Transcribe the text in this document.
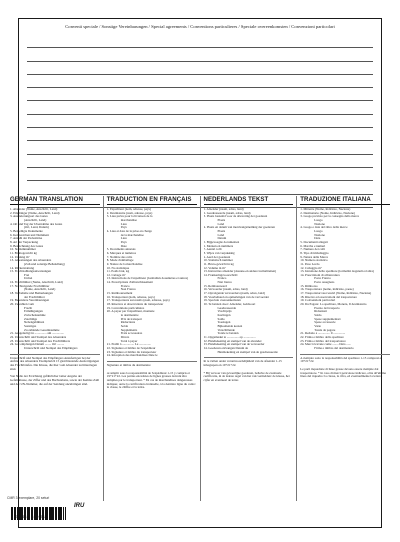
Convenii speciale / Sonstige Vereinbarungen / Special agreements / Conventions particulieres / Speciale overeenkomsten / Convenzioni particolari
GERMAN TRANSLATION
1. Absender (Name, Anschrift, Land)
2. Empfänger (Name, Anschrift, Land)
3. Auslieferungsort des Gutes
(Anschrift, Land)
4. Ort und Tag der Übernahme des Gutes
(Ort, Land, Datum)
5. Beigefügte Dokumente
6. Kennzeichen und Nummern
7. Anzahl der Packstücke
8. Art der Verpackung
9. Bezeichnung des Gutes
10. Statistiknummer
11. Bruttogewicht kg
12. Umfang m³
13. Anweisungen des Absenders
(Zoll-und sonstige Behandlung)
14. Rückerstattung
15. Frachtzahlungsanweisungen
Frei
Unfrei
16. Frachtführer (Name, Anschrift, Land)
17. Nachfolgende Frachtführer
(Name, Anschrift, Land)
18. Vorbehalte und Bemerkungen
der Frachtführer
19. Besondere Vereinbarungen
20. Zu zahlen vom
Fracht
Ermäßigungen
Zwischensumme
Zuschläge
Nebengebühren
Sonstiges
Zu zahlende Gesamtsumme
21. Ausgefertigt in ............... am ...............
22. Unterschrift und Stempel des Absenders
23. Unterschrift und Stempel des Frachtführers
24. Gut empfangen Datum ........ Ort .........
Unterschrift und Stempel des Empfängers
Unterschrift und Stempel des Empfängers Anzufertigen bei der Anfrist des Absenders Exemplarich 15 gleichlautende Ausfertigungen des Frachtbriefes. Die Klasse, die hier vom Absender zu hinterlegen sind.
Von Nolle der Errichtung gefährlicher Güter Angabe der Gefahrklasse, der Ziffer und des Buchstabens, sowie der Kemler-Zahl und der UN-Nummer, die auf der Sendung anzubringen sind.
TRADUCTION EN FRANÇAIS
1. Expéditeur (nom, adresse, pays)
2. Destinataire (nom, adresse, pays)
3. Lieu prévu pour la livraison de la
marchandise
Lieu
Pays
4. Lieu et date de la prise en charge
de la marchandise
Lieu
Pays
Date
5. Documents annexés
6. Marques et numéros
7. Nombre des colis
8. Mode d'emballage
9. Nature de la marchandise
10. No statistique
11. Poids brut, kg
12. Cubage m³
13. Instructions de l'expéditeur (formalités douanières et autres)
14. Prescriptions d'affranchissement
Franco
Non Franco
15. Remboursement
16. Transporteur (nom, adresse, pays)
17. Transporteurs successifs (nom, adresse, pays)
18. Réserves et observations du transporteur
19. Conventions particulières
20. A payer par l'expéditeur, monnaie
le destinataire
Prix de transport
Réductions
Solde
Suppléments
Frais accessoires
Divers
Total à payer
21. Etabli à ............... Le ...............
22. Signature et timbre de l'expéditeur
23. Signature et timbre du transporteur
24. Réception des marchandises Date le
Signature et timbre du destinataire
A remplir sous la responsabilité de l'expéditeur 1-15 y compris et 19+21+22. Les parties encadrées de lignes grasses doivent être remplies par le transporteur. * En cas de marchandises dangereuses indiquer, outre la certification éventuelle, à la dernière ligne du cadre: la classe, le chiffre et la lettre.
NEDERLANDS TEKST
1. Afzender (naam, adres, land)
2. Geadresseerde (naam, adres, land)
3. Plaats bestemd voor de aflevering der goederen
Plaats
Land
4. Plaats en datum van inontvangstneming der goederen
Plaats
Land
Datum
5. Bijgevoegde documenten
6. Merken en nummers
7. Aantal colli
8. Wijze van verpakking
9. Aard der goederen
10. Statistisch nummer
11. Bruto-gewicht in kg
12. Volume in m³
13. Instructies afzender (douane-en andere formaliteiten)
14. Frankeringsvoorschrift
Franco
Niet franco
15. Rembourseerd
16. Vervoerder (naam, adres, land)
17. Opvolgende vervoerders (naam, adres, land)
18. Voorbehoud en opmerkingen van de vervoerder
19. Speciale overeenkomsten
20. Te betalen door: Afzender, Geldsoort
Geadresseerde
Vrachtprijs
Kortingen
Saldo
Toeslagen
Bijkomende kosten
Verschillende
Totale te betalen
21. Opgemaakt te ............... op ...............
22. Handtekening en stempel van de afzender
23. Handtekening en stempel van de vervoerder
24. Goederen ontvangen Datum de
Handtekening en stempel van de geadresseerde
In te vullen onder verantwoordelijkheid van de afzender 1-15 inbegrepen en 19+21+22.
* Bij vervoer van gevaarlijke goederen, behalve de eventuele certificatie, in de laatste regel van het vak vermelden: de klasse, het cijfer en eventueel de letter.
TRADUZIONE ITALIANA
1. Mittente (Nome, Indirizzo, Nazione)
2. Destinatario (Nome, Indirizzo, Nazione)
3. Luogo previsto per la consegna della merce
Luogo
Nazione
4. Luogo e data del ritiro della merce
Luogo
Nazione
Data
5. Documenti allegati
6. Marche e numeri
7. Numero dei colli
8. Tipo di imballaggio
9. Natura della Merce
10. Numero statistico
11. Peso Lordo
12. Cubaggio m³
13. Istruzione dello speditore (formalità doganali ed altre)
14. Prescrizioni di affrancatura
Porto Franco
Porto assegnato
15. Rimborso
16. Trasportatore (nome, indirizzo, paese)
17. Trasportatori successivi (Nome, Indirizzo, Nazione)
18. Riserve ed osservazioni del trasportatore
19. Convenzioni particolari
20. Da Pagare: Lo speditore, Moneta, Il destinatario
Prezzo del trasporto
Riduzioni
Saldo
Spese supplementari
Spese accessorie
Varie
Totale da pagare
21. Redatto a ............... il ...............
22. Firma e timbro dello speditore
23. Firma e timbro del trasportatore
24. Merci ricevute come ........ Data ......
Firma e timbro del destinatario
A riempire sotto la responsabilità del speditore 1-15 compresi e 19+21+22.
Le parti inquadrate di linee grasse devono essere riempite dal trasportatore. * In caso di merci pericolose indicare, oltre all'ultima linea del riquadro: la classe, la cifra, ed eventualmente la lettera.
CMR 3 exemplare, 20 seturi
4 012345 678901
IRU
